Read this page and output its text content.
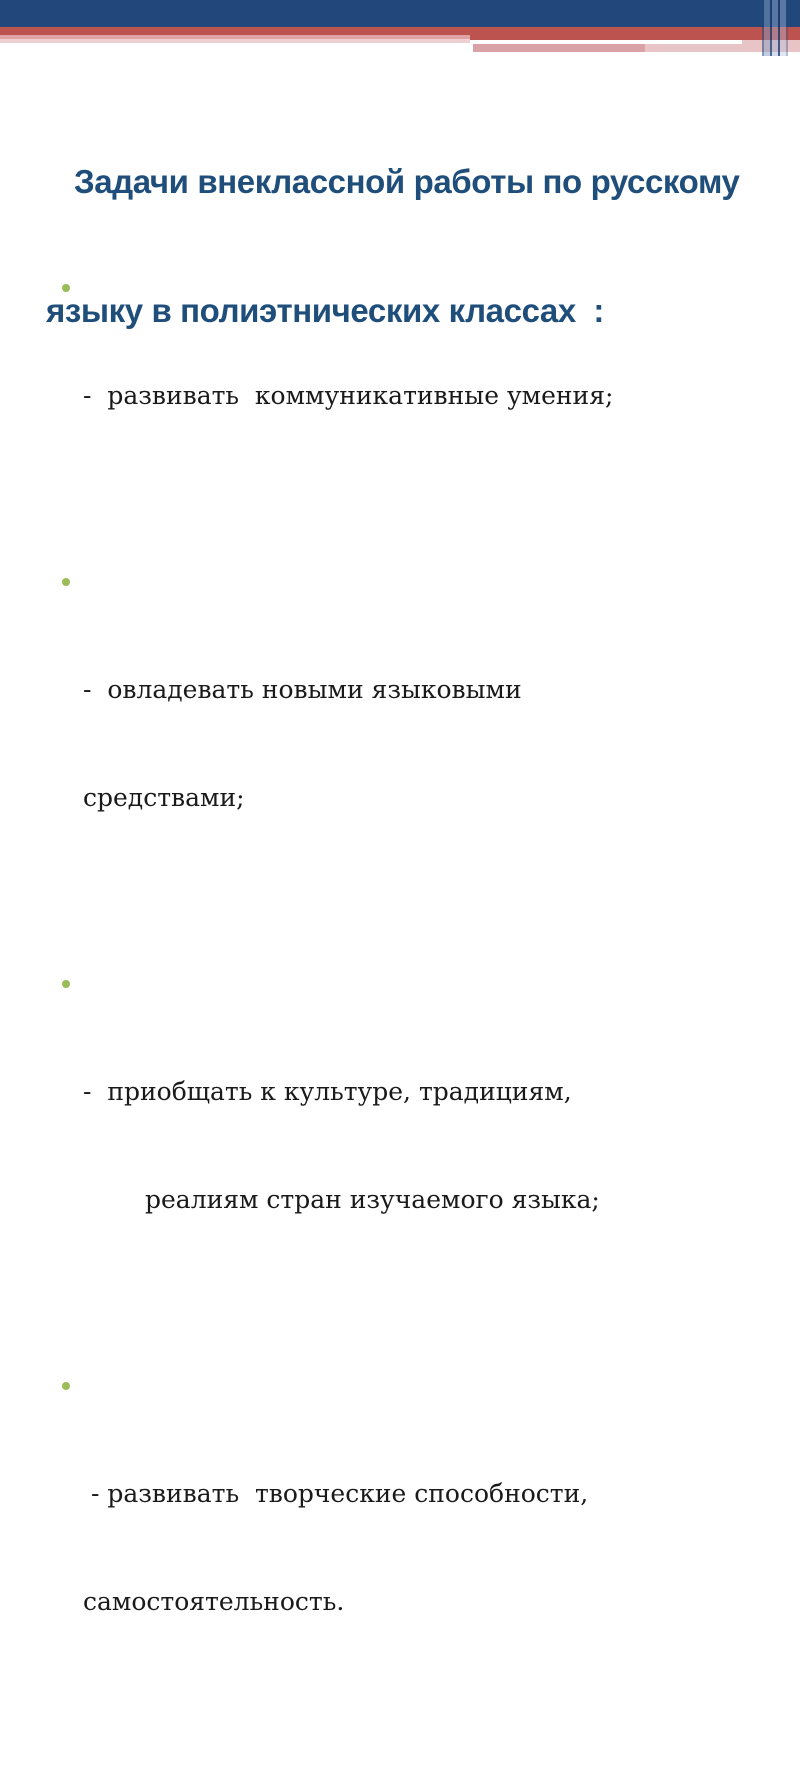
Задачи внеклассной работы по русскому

языку в полиэтнических классах  :

-  развивать  коммуникативные умения;

-  овладевать новыми языковыми

средствами;

-  приобщать к культуре, традициям,

реалиям стран изучаемого языка;

- развивать  творческие способности,

самостоятельность.
